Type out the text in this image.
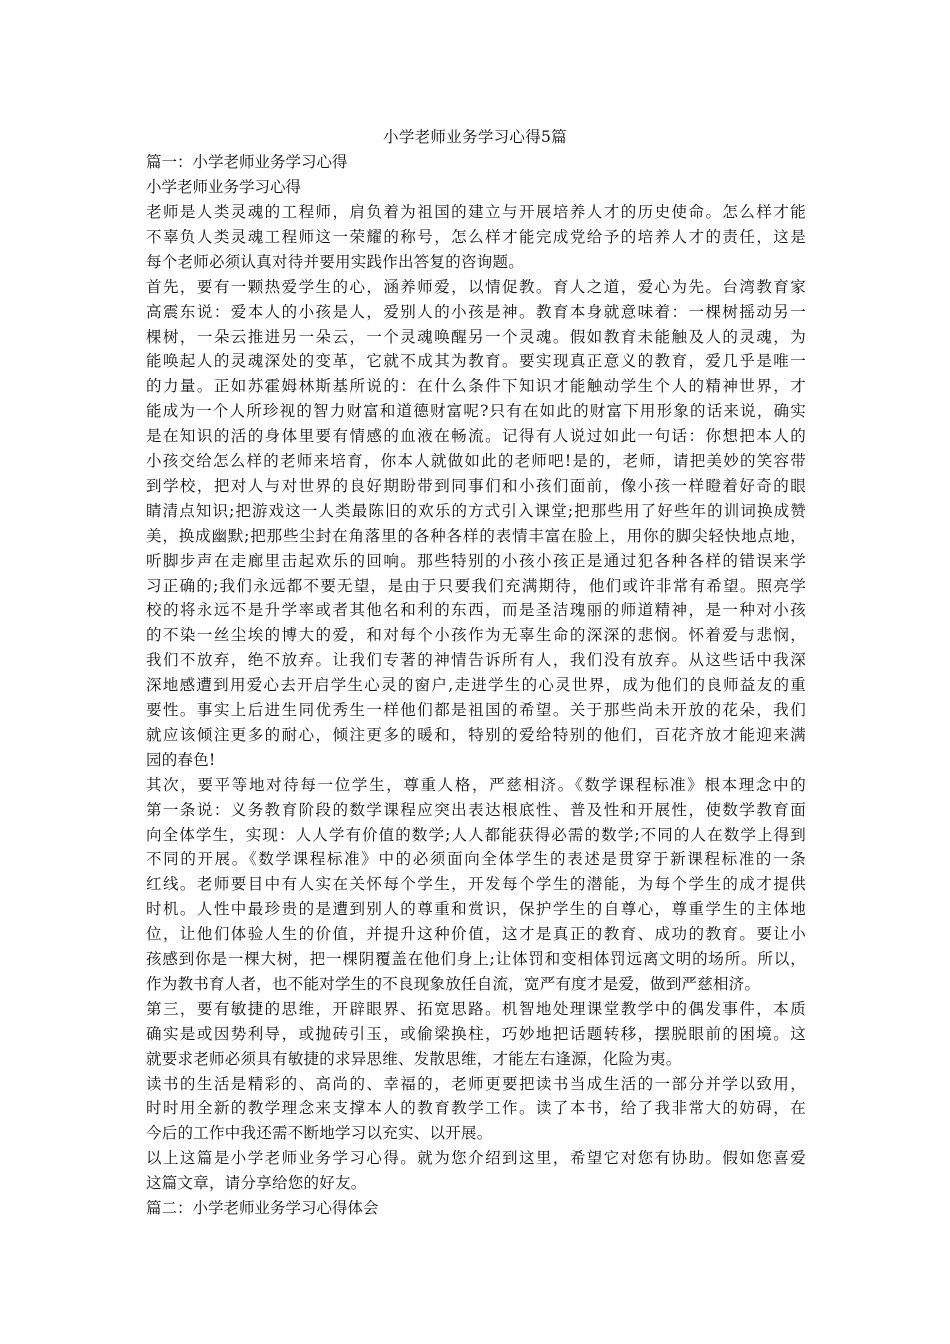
小学老师业务学习心得5篇
篇一：小学老师业务学习心得
小学老师业务学习心得
老师是人类灵魂的工程师，肩负着为祖国的建立与开展培养人才的历史使命。怎么样才能
不辜负人类灵魂工程师这一荣耀的称号，怎么样才能完成党给予的培养人才的责任，这是
每个老师必须认真对待并要用实践作出答复的咨询题。
首先，要有一颗热爱学生的心，涵养师爱，以情促教。育人之道，爱心为先。台湾教育家
高震东说：爱本人的小孩是人，爱别人的小孩是神。教育本身就意味着：一棵树摇动另一
棵树，一朵云推进另一朵云，一个灵魂唤醒另一个灵魂。假如教育未能触及人的灵魂，为
能唤起人的灵魂深处的变革，它就不成其为教育。要实现真正意义的教育，爱几乎是唯一
的力量。正如苏霍姆林斯基所说的：在什么条件下知识才能触动学生个人的精神世界，才
能成为一个人所珍视的智力财富和道德财富呢?只有在如此的财富下用形象的话来说，确实
是在知识的活的身体里要有情感的血液在畅流。记得有人说过如此一句话：你想把本人的
小孩交给怎么样的老师来培育，你本人就做如此的老师吧!是的，老师，请把美妙的笑容带
到学校，把对人与对世界的良好期盼带到同事们和小孩们面前，像小孩一样瞪着好奇的眼
睛清点知识;把游戏这一人类最陈旧的欢乐的方式引入课堂;把那些用了好些年的训词换成赞
美，换成幽默;把那些尘封在角落里的各种各样的表情丰富在脸上，用你的脚尖轻快地点地，
听脚步声在走廊里击起欢乐的回响。那些特别的小孩小孩正是通过犯各种各样的错误来学
习正确的;我们永远都不要无望，是由于只要我们充满期待，他们或许非常有希望。照亮学
校的将永远不是升学率或者其他名和利的东西，而是圣洁瑰丽的师道精神，是一种对小孩
的不染一丝尘埃的博大的爱，和对每个小孩作为无辜生命的深深的悲悯。怀着爱与悲悯，
我们不放弃，绝不放弃。让我们专著的神情告诉所有人，我们没有放弃。从这些话中我深
深地感遭到用爱心去开启学生心灵的窗户,走进学生的心灵世界，成为他们的良师益友的重
要性。事实上后进生同优秀生一样他们都是祖国的希望。关于那些尚未开放的花朵，我们
就应该倾注更多的耐心，倾注更多的暖和，特别的爱给特别的他们，百花齐放才能迎来满
园的春色!
其次，要平等地对待每一位学生，尊重人格，严慈相济。《数学课程标准》根本理念中的
第一条说：义务教育阶段的数学课程应突出表达根底性、普及性和开展性，使数学教育面
向全体学生，实现：人人学有价值的数学;人人都能获得必需的数学;不同的人在数学上得到
不同的开展。《数学课程标准》中的必须面向全体学生的表述是贯穿于新课程标准的一条
红线。老师要目中有人实在关怀每个学生，开发每个学生的潜能，为每个学生的成才提供
时机。人性中最珍贵的是遭到别人的尊重和赏识，保护学生的自尊心，尊重学生的主体地
位，让他们体验人生的价值，并提升这种价值，这才是真正的教育、成功的教育。要让小
孩感到你是一棵大树，把一棵阴覆盖在他们身上;让体罚和变相体罚远离文明的场所。所以，
作为教书育人者，也不能对学生的不良现象放任自流，宽严有度才是爱，做到严慈相济。
第三，要有敏捷的思维，开辟眼界、拓宽思路。机智地处理课堂教学中的偶发事件，本质
确实是或因势利导，或抛砖引玉，或偷梁换柱，巧妙地把话题转移，摆脱眼前的困境。这
就要求老师必须具有敏捷的求异思维、发散思维，才能左右逢源，化险为夷。
读书的生活是精彩的、高尚的、幸福的，老师更要把读书当成生活的一部分并学以致用，
时时用全新的教学理念来支撑本人的教育教学工作。读了本书，给了我非常大的妨碍，在
今后的工作中我还需不断地学习以充实、以开展。
以上这篇是小学老师业务学习心得。就为您介绍到这里，希望它对您有协助。假如您喜爱
这篇文章，请分享给您的好友。
篇二：小学老师业务学习心得体会
